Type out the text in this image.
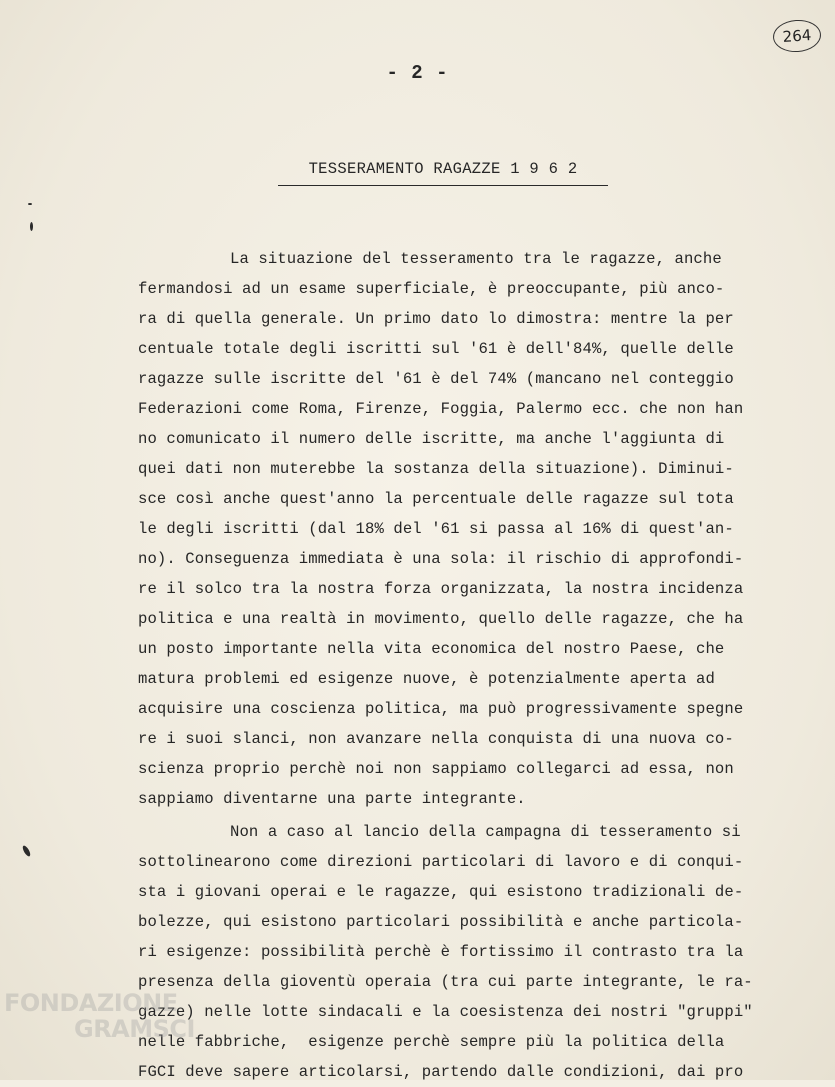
264
- 2 -
TESSERAMENTO RAGAZZE 1 9 6 2
La situazione del tesseramento tra le ragazze, anche
fermandosi ad un esame superficiale, è preoccupante, più anco-
ra di quella generale. Un primo dato lo dimostra: mentre la per
centuale totale degli iscritti sul '61 è dell'84%, quelle delle
ragazze sulle iscritte del '61 è del 74% (mancano nel conteggio
Federazioni come Roma, Firenze, Foggia, Palermo ecc. che non han
no comunicato il numero delle iscritte, ma anche l'aggiunta di
quei dati non muterebbe la sostanza della situazione). Diminui-
sce così anche quest'anno la percentuale delle ragazze sul tota
le degli iscritti (dal 18% del '61 si passa al 16% di quest'an-
no). Conseguenza immediata è una sola: il rischio di approfondi-
re il solco tra la nostra forza organizzata, la nostra incidenza
politica e una realtà in movimento, quello delle ragazze, che ha
un posto importante nella vita economica del nostro Paese, che
matura problemi ed esigenze nuove, è potenzialmente aperta ad
acquisire una coscienza politica, ma può progressivamente spegne
re i suoi slanci, non avanzare nella conquista di una nuova co-
scienza proprio perchè noi non sappiamo collegarci ad essa, non
sappiamo diventarne una parte integrante.
Non a caso al lancio della campagna di tesseramento si
sottolinearono come direzioni particolari di lavoro e di conqui-
sta i giovani operai e le ragazze, qui esistono tradizionali de-
bolezze, qui esistono particolari possibilità e anche particola-
ri esigenze: possibilità perchè è fortissimo il contrasto tra la
presenza della gioventù operaia (tra cui parte integrante, le ra-
gazze) nelle lotte sindacali e la coesistenza dei nostri "gruppi"
nelle fabbriche,  esigenze perchè sempre più la politica della
FGCI deve sapere articolarsi, partendo dalle condizioni, dai pro
FONDAZIONE
GRAMSCI
